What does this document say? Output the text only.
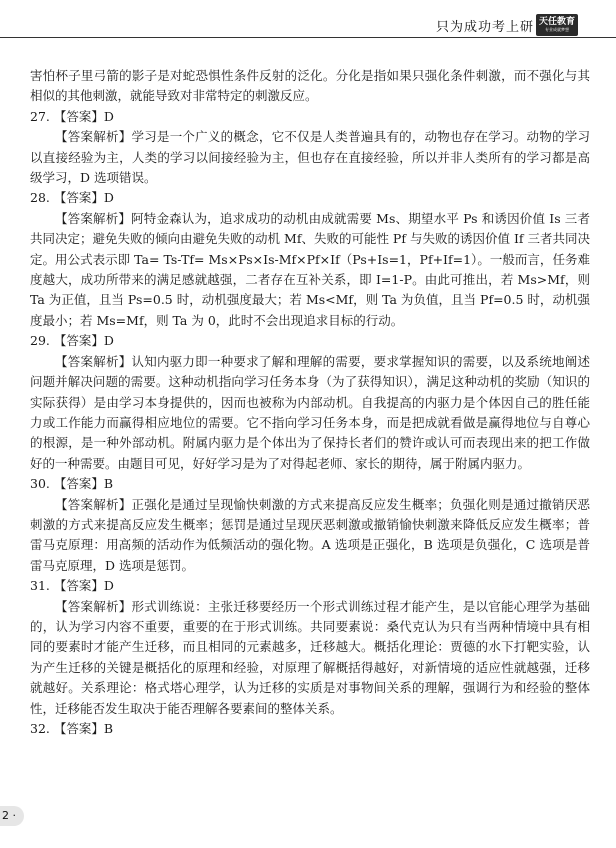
只为成功考上研 天任教育
专业成就梦想

害怕杯子里弓箭的影子是对蛇恐惧性条件反射的泛化。分化是指如果只强化条件刺激，而不强化与其相似的其他刺激，就能导致对非常特定的刺激反应。

27. 【答案】D

【答案解析】学习是一个广义的概念，它不仅是人类普遍具有的，动物也存在学习。动物的学习以直接经验为主，人类的学习以间接经验为主，但也存在直接经验，所以并非人类所有的学习都是高级学习，D 选项错误。

28. 【答案】D

【答案解析】阿特金森认为，追求成功的动机由成就需要 Ms、期望水平 Ps 和诱因价值 Is 三者共同决定；避免失败的倾向由避免失败的动机 Mf、失败的可能性 Pf 与失败的诱因价值 If 三者共同决定。用公式表示即 Ta= Ts-Tf= Ms×Ps×Is-Mf×Pf×If（Ps+Is=1，Pf+If=1）。一般而言，任务难度越大，成功所带来的满足感就越强，二者存在互补关系，即 I=1-P。由此可推出，若 Ms>Mf，则 Ta 为正值，且当 Ps=0.5 时，动机强度最大；若 Ms<Mf，则 Ta 为负值，且当 Pf=0.5 时，动机强度最小；若 Ms=Mf，则 Ta 为 0，此时不会出现追求目标的行动。

29. 【答案】D

【答案解析】认知内驱力即一种要求了解和理解的需要，要求掌握知识的需要，以及系统地阐述问题并解决问题的需要。这种动机指向学习任务本身（为了获得知识），满足这种动机的奖励（知识的实际获得）是由学习本身提供的，因而也被称为内部动机。自我提高的内驱力是个体因自己的胜任能力或工作能力而赢得相应地位的需要。它不指向学习任务本身，而是把成就看做是赢得地位与自尊心的根源，是一种外部动机。附属内驱力是个体出为了保持长者们的赞许或认可而表现出来的把工作做好的一种需要。由题目可见，好好学习是为了对得起老师、家长的期待，属于附属内驱力。

30. 【答案】B

【答案解析】正强化是通过呈现愉快刺激的方式来提高反应发生概率；负强化则是通过撤销厌恶刺激的方式来提高反应发生概率；惩罚是通过呈现厌恶刺激或撤销愉快刺激来降低反应发生概率；普雷马克原理：用高频的活动作为低频活动的强化物。A 选项是正强化，B 选项是负强化，C 选项是普雷马克原理，D 选项是惩罚。

31. 【答案】D

【答案解析】形式训练说：主张迁移要经历一个形式训练过程才能产生，是以官能心理学为基础的，认为学习内容不重要，重要的在于形式训练。共同要素说：桑代克认为只有当两种情境中具有相同的要素时才能产生迁移，而且相同的元素越多，迁移越大。概括化理论：贾德的水下打靶实验，认为产生迁移的关键是概括化的原理和经验，对原理了解概括得越好，对新情境的适应性就越强，迁移就越好。关系理论：格式塔心理学，认为迁移的实质是对事物间关系的理解，强调行为和经验的整体性，迁移能否发生取决于能否理解各要素间的整体关系。

32. 【答案】B

2 ·
